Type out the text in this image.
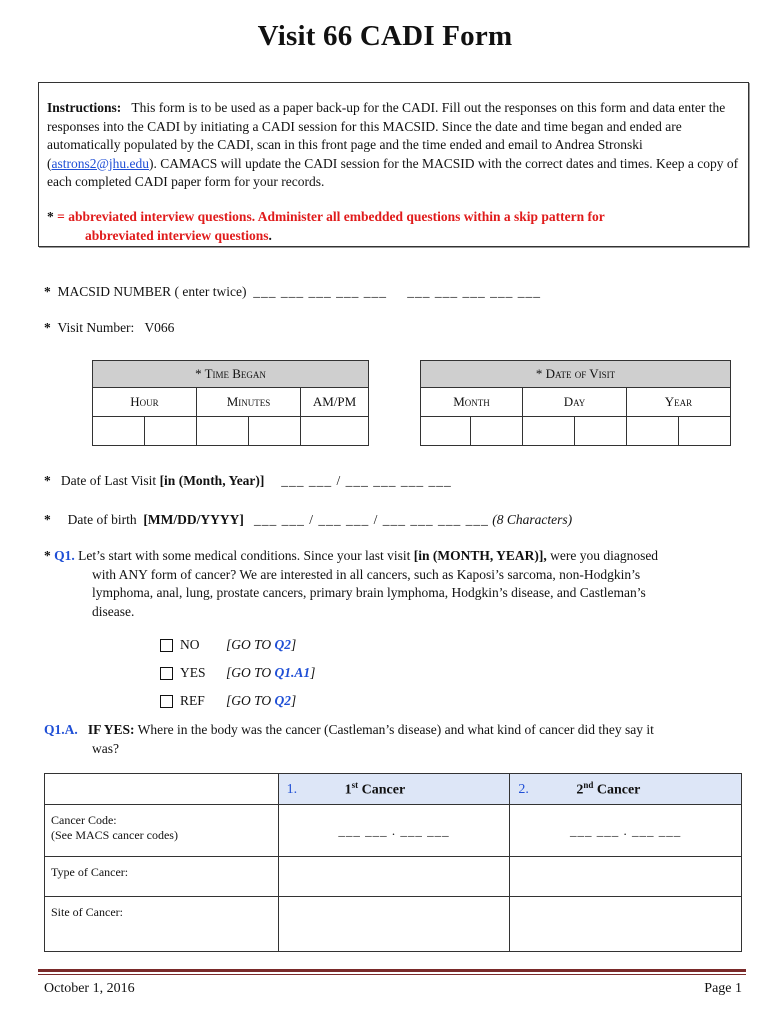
Visit 66 CADI Form
Instructions: This form is to be used as a paper back-up for the CADI. Fill out the responses on this form and data enter the responses into the CADI by initiating a CADI session for this MACSID. Since the date and time began and ended are automatically populated by the CADI, scan in this front page and the time ended and email to Andrea Stronski (astrons2@jhu.edu). CAMACS will update the CADI session for the MACSID with the correct dates and times. Keep a copy of each completed CADI paper form for your records.
* = abbreviated interview questions. Administer all embedded questions within a skip pattern for
abbreviated interview questions.
* MACSID NUMBER ( enter twice) ___ ___ ___ ___ ___ ___ ___ ___ ___ ___
* Visit Number: V066
* Time Began				
Hour		Minutes		AM/PM

* Date of Visit					
Month		Day		Year	

* Date of Last Visit [in (Month, Year)] ___ ___ / ___ ___ ___ ___
* Date of birth [MM/DD/YYYY] ___ ___ / ___ ___ / ___ ___ ___ ___ (8 Characters)
* Q1. Let’s start with some medical conditions. Since your last visit [in (MONTH, YEAR)], were you diagnosed
with ANY form of cancer? We are interested in all cancers, such as Kaposi’s sarcoma, non-Hodgkin’s
lymphoma, anal, lung, prostate cancers, primary brain lymphoma, Hodgkin’s disease, and Castleman’s
disease.
NO	[GO TO Q2]
YES	[GO TO Q1.A1]
REF	[GO TO Q2]
Q1.A. IF YES: Where in the body was the cancer (Castleman’s disease) and what kind of cancer did they say it
was?
	1. 1st Cancer	2. 2nd Cancer
Cancer Code:
(See MACS cancer codes)	___ ___ . ___ ___	___ ___ . ___ ___
Type of Cancer:		
Site of Cancer:		
October 1, 2016	Page 1
